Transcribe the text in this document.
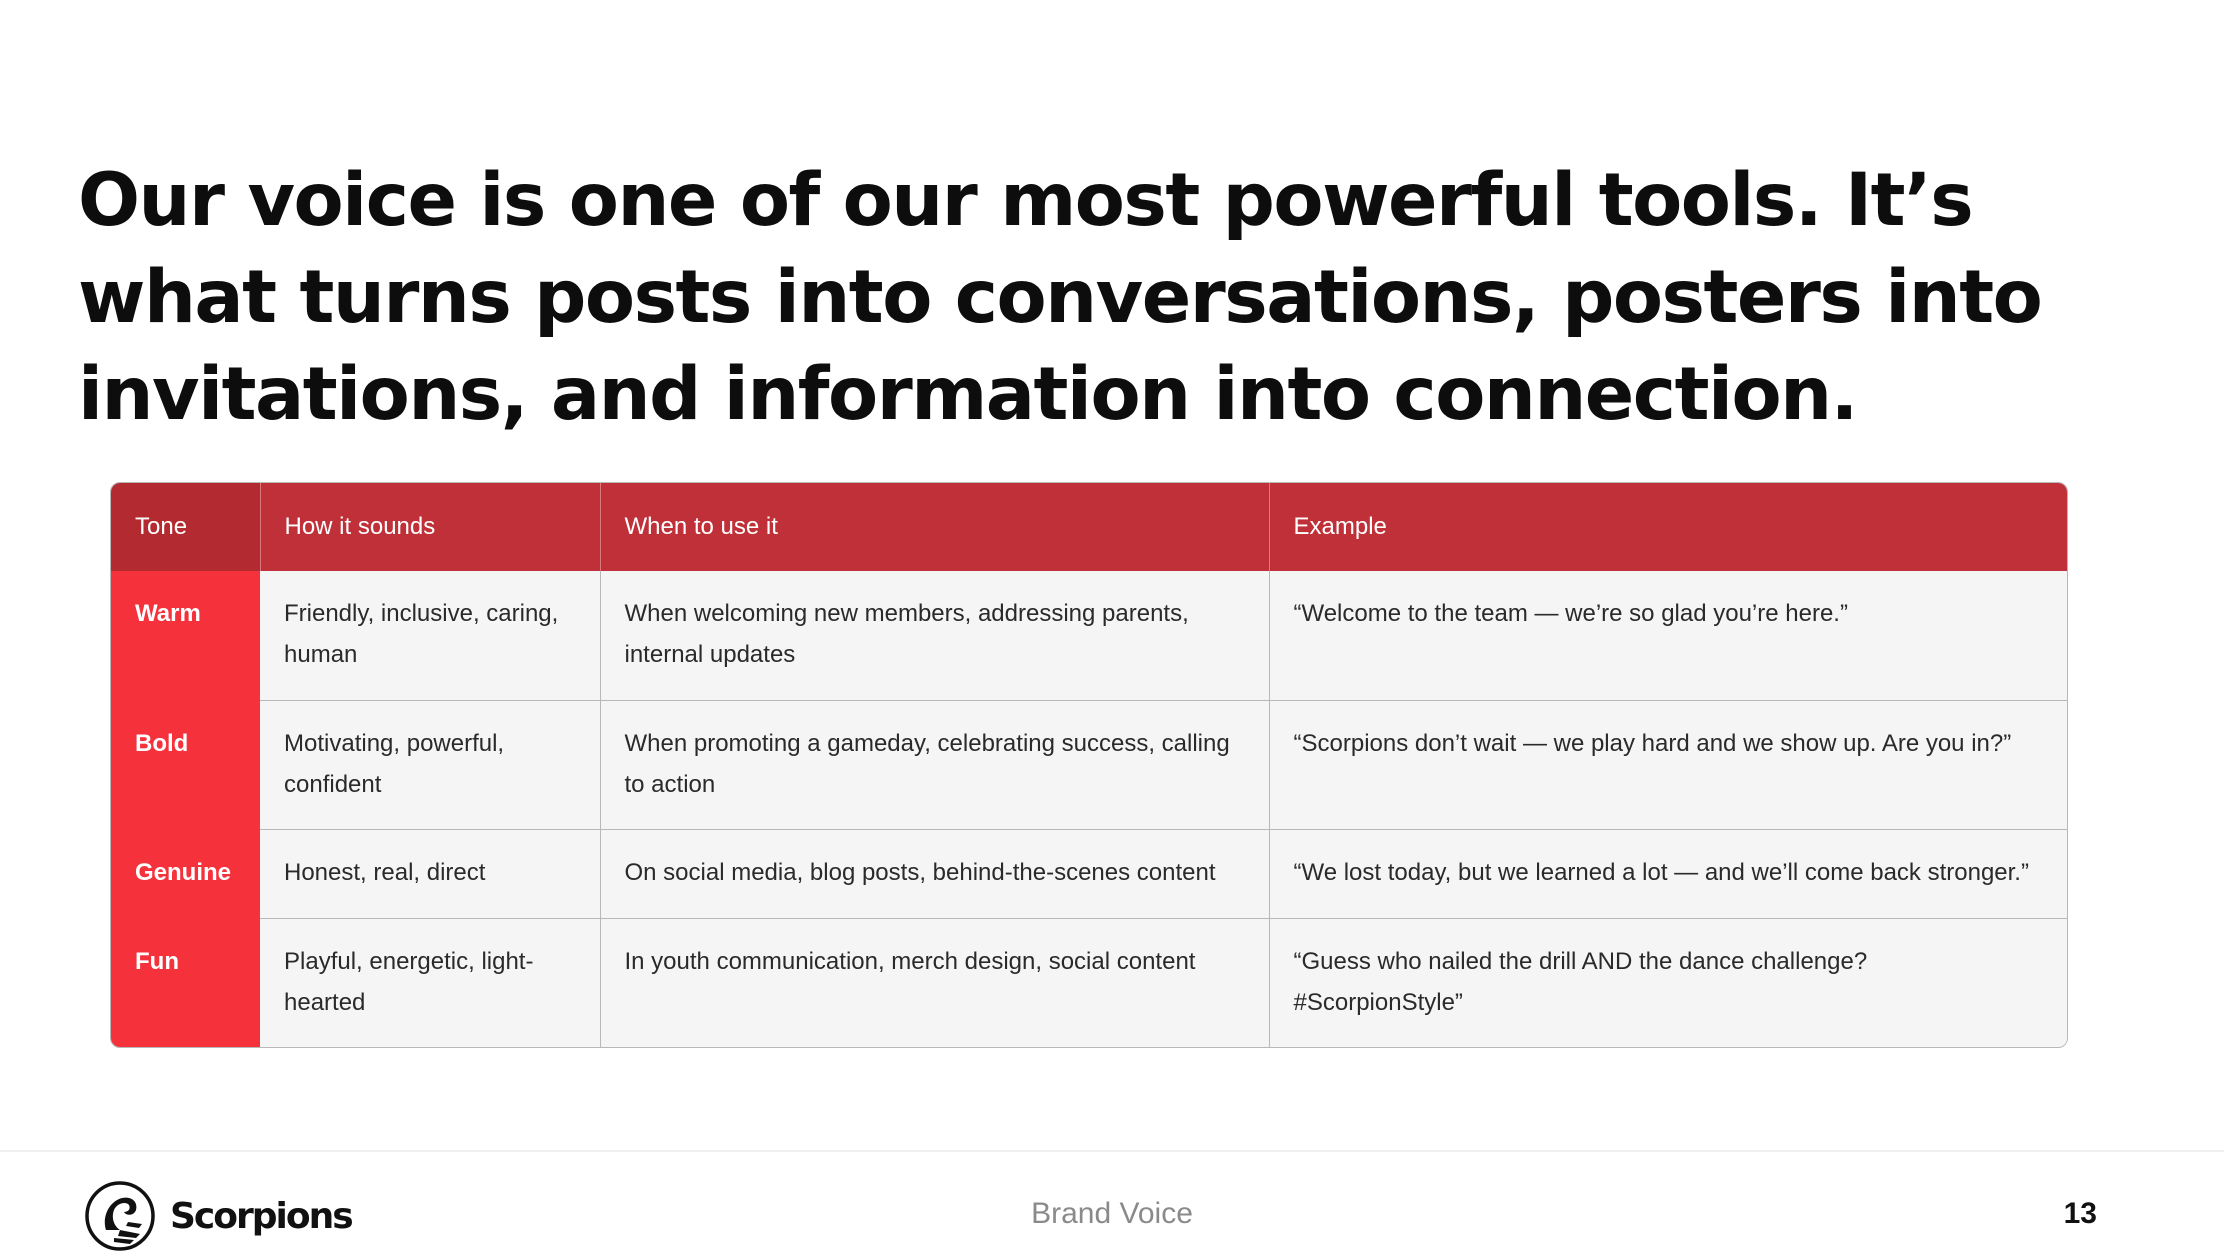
Our voice is one of our most powerful tools. It’s what turns posts into conversations, posters into invitations, and information into connection.
Tone	How it sounds	When to use it	Example
Warm	Friendly, inclusive, caring, human	When welcoming new members, addressing parents, internal updates	“Welcome to the team — we’re so glad you’re here.”
Bold	Motivating, powerful, confident	When promoting a gameday, celebrating success, calling to action	“Scorpions don’t wait — we play hard and we show up. Are you in?”
Genuine	Honest, real, direct	On social media, blog posts, behind-the-scenes content	“We lost today, but we learned a lot — and we’ll come back stronger.”
Fun	Playful, energetic, light-hearted	In youth communication, merch design, social content	“Guess who nailed the drill AND the dance challenge? #ScorpionStyle”
Scorpions	Brand Voice	13
